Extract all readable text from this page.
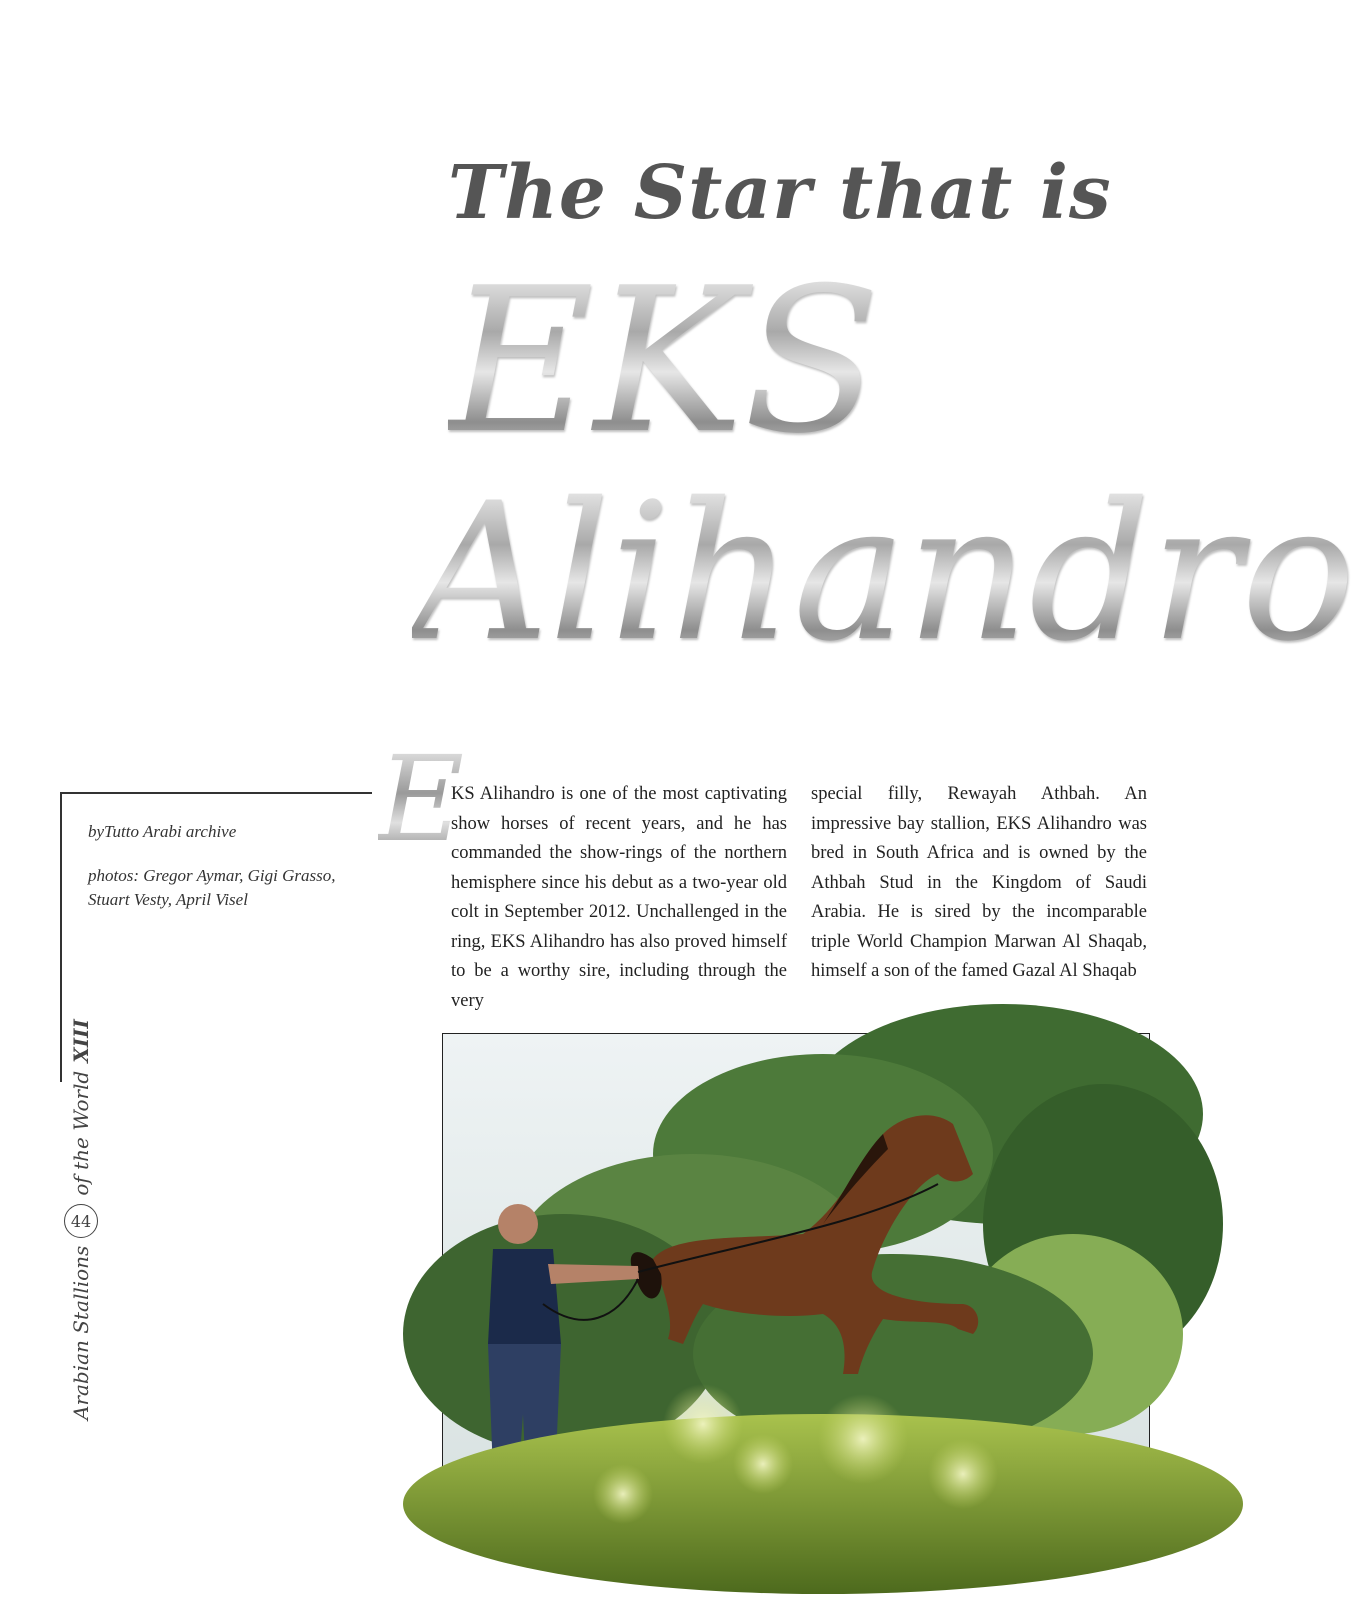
The Star that is
EKS
Alihandro

byTutto Arabi archive

photos: Gregor Aymar, Gigi Grasso, Stuart Vesty, April Visel

E
KS Alihandro is one of the most captivating show horses of recent years, and he has commanded the show-rings of the northern hemisphere since his debut as a two-year old colt in September 2012. Unchallenged in the ring, EKS Alihandro has also proved himself to be a worthy sire, including through the very
special filly, Rewayah Athbah. An impressive bay stallion, EKS Alihandro was bred in South Africa and is owned by the Athbah Stud in the Kingdom of Saudi Arabia. He is sired by the incomparable triple World Champion Marwan Al Shaqab, himself a son of the famed Gazal Al Shaqab
Arabian Stallions
44
of the World
XIII
